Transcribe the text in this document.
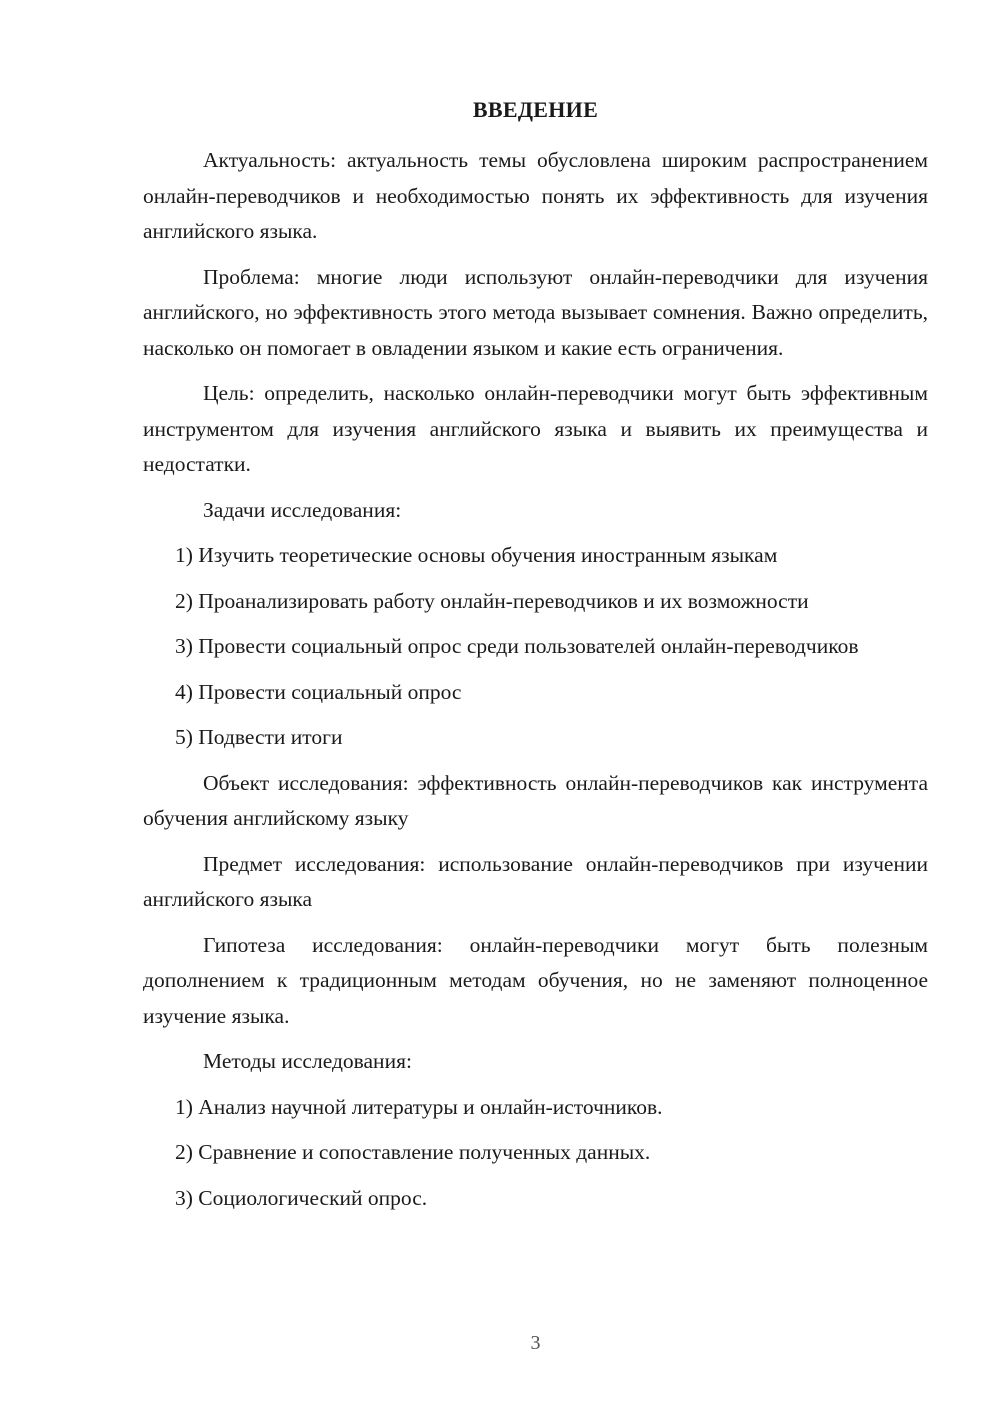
ВВЕДЕНИЕ

Актуальность: актуальность темы обусловлена широким распространением онлайн-переводчиков и необходимостью понять их эффективность для изучения английского языка.

Проблема: многие люди используют онлайн-переводчики для изучения английского, но эффективность этого метода вызывает сомнения. Важно определить, насколько он помогает в овладении языком и какие есть ограничения.

Цель: определить, насколько онлайн-переводчики могут быть эффективным инструментом для изучения английского языка и выявить их преимущества и недостатки.

Задачи исследования:

1) Изучить теоретические основы обучения иностранным языкам

2) Проанализировать работу онлайн-переводчиков и их возможности

3) Провести социальный опрос среди пользователей онлайн-переводчиков

4) Провести социальный опрос

5) Подвести итоги

Объект исследования: эффективность онлайн-переводчиков как инструмента обучения английскому языку

Предмет исследования: использование онлайн-переводчиков при изучении английского языка

Гипотеза исследования: онлайн-переводчики могут быть полезным дополнением к традиционным методам обучения, но не заменяют полноценное изучение языка.

Методы исследования:

1) Анализ научной литературы и онлайн-источников.

2) Сравнение и сопоставление полученных данных.

3) Социологический опрос.

3
